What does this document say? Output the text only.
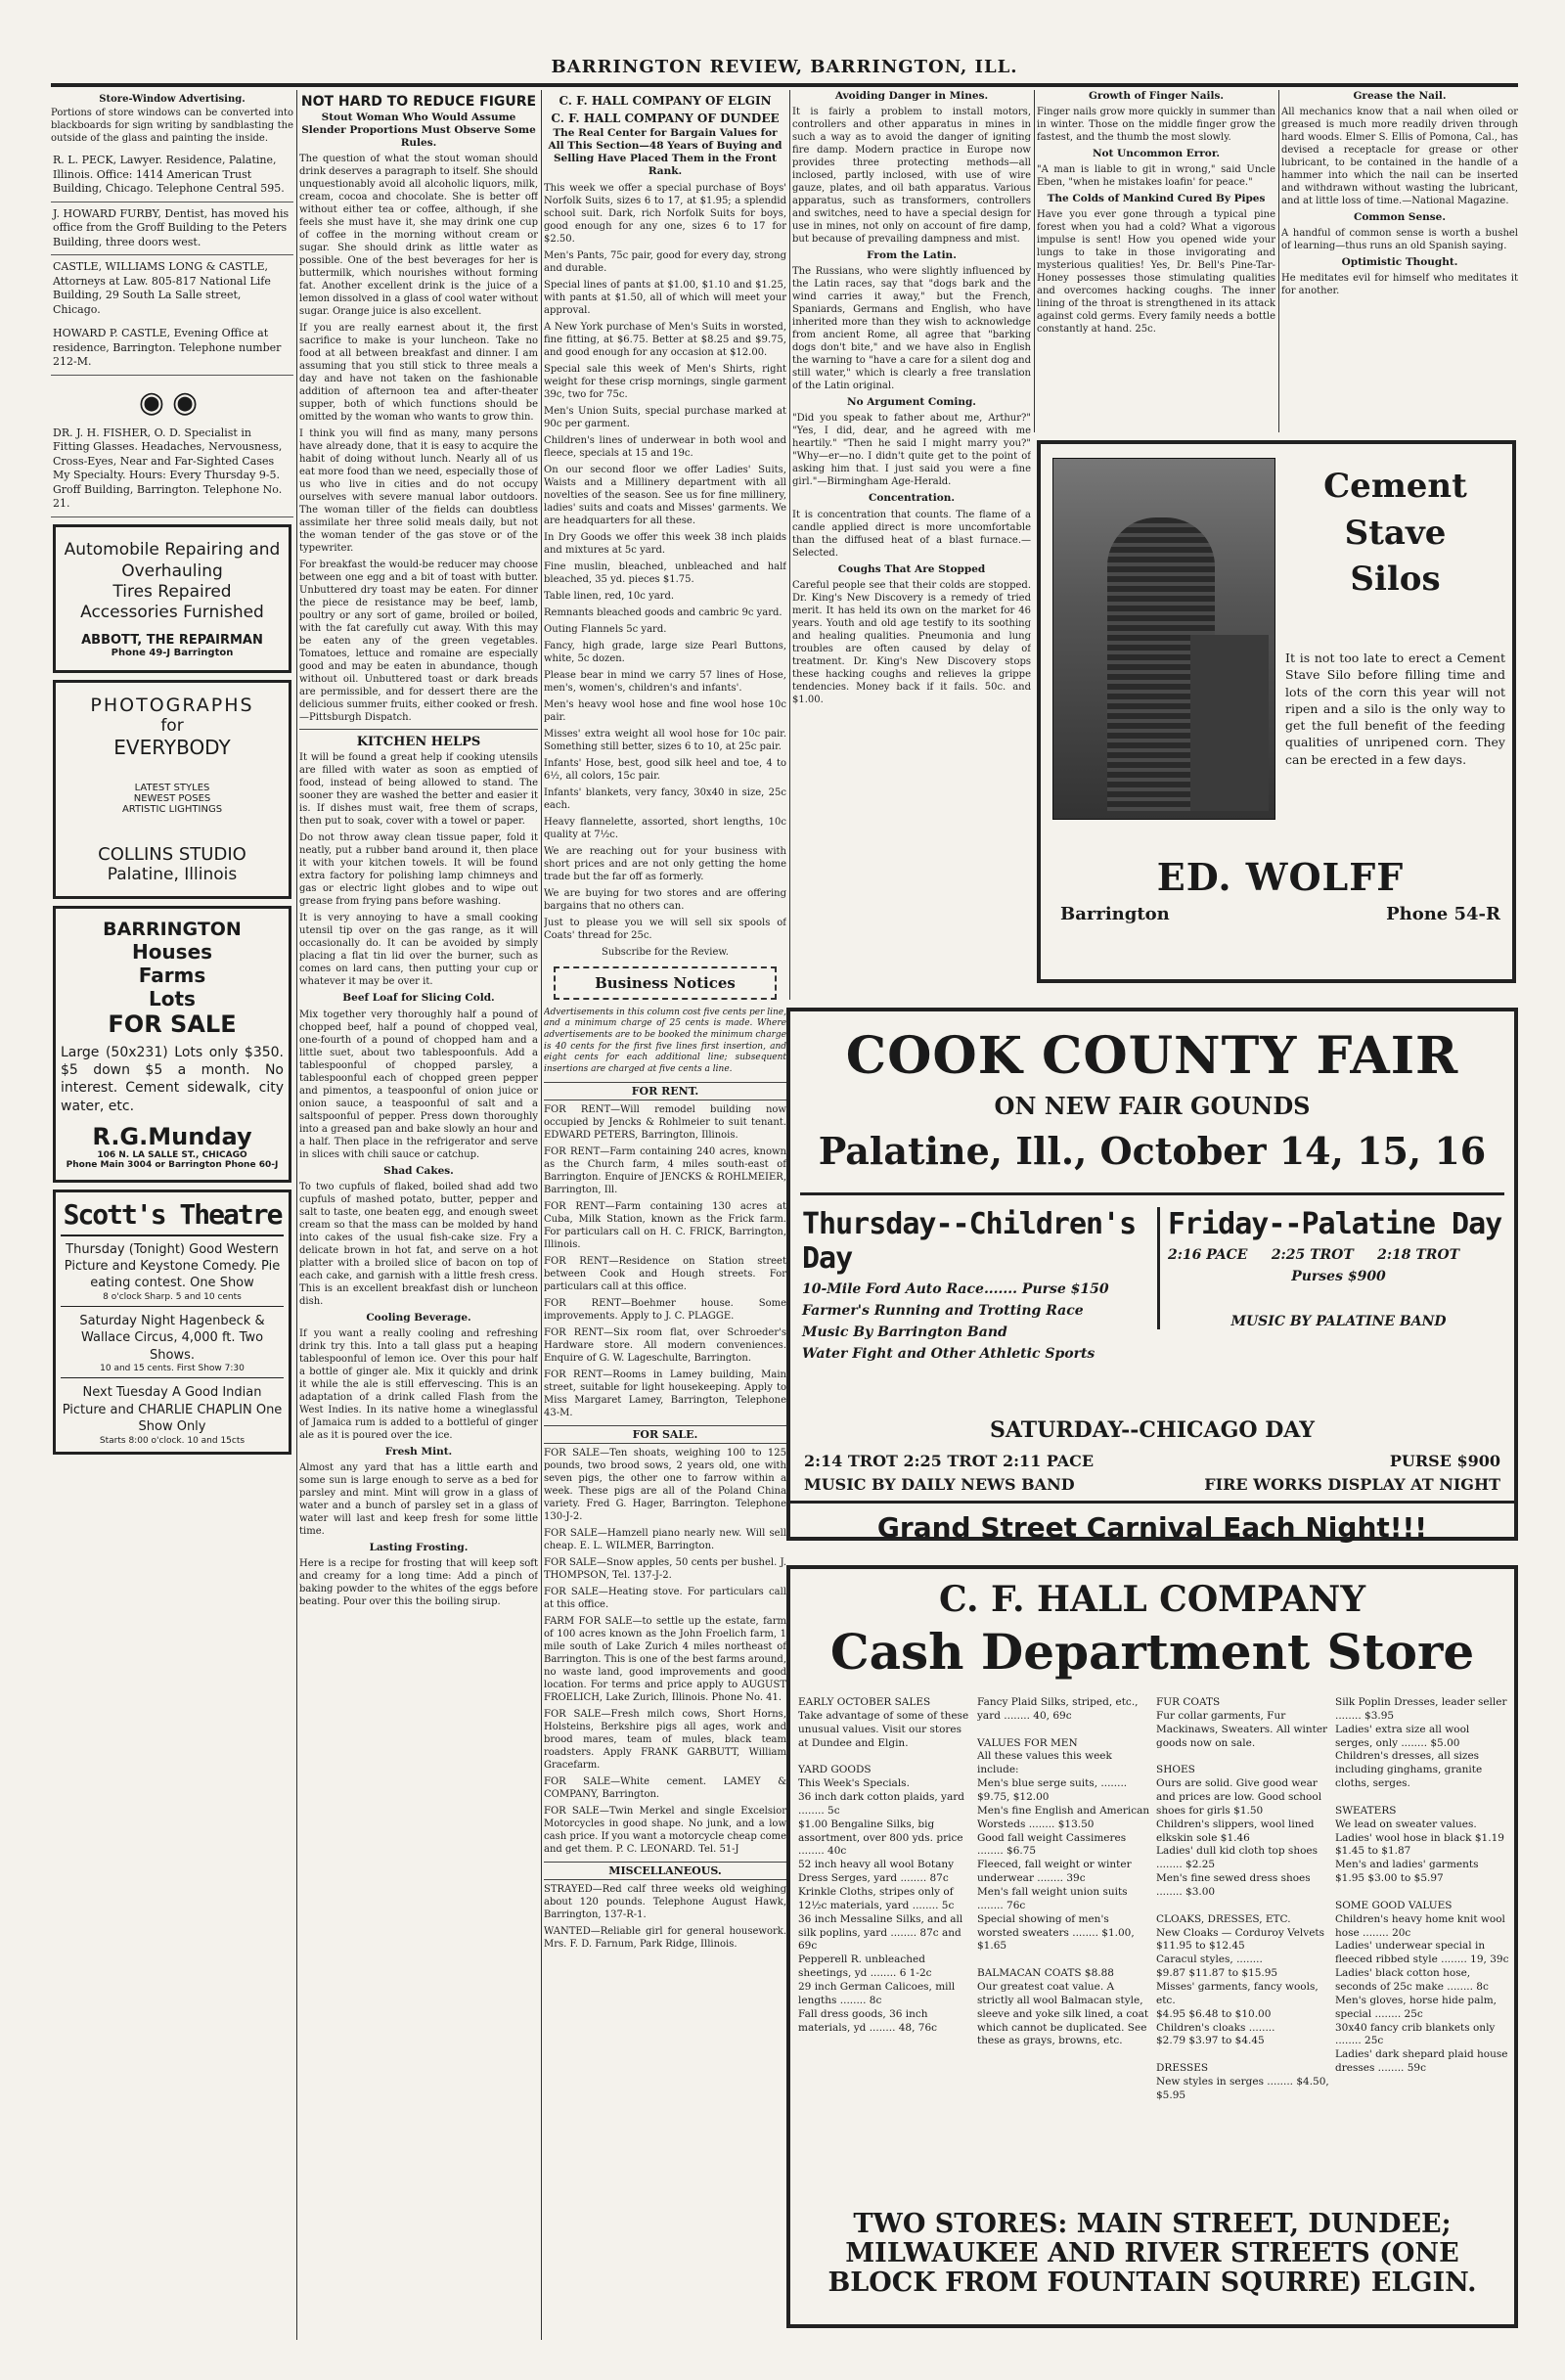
BARRINGTON REVIEW, BARRINGTON, ILL.
Store-Window Advertising.
Portions of store windows can be converted into blackboards for sign writing by sandblasting the outside of the glass and painting the inside.
R. L. PECK, Lawyer. Residence, Palatine, Illinois. Office: 1414 American Trust Building, Chicago. Telephone Central 595.
J. HOWARD FURBY, Dentist, has moved his office from the Groff Building to the Peters Building, three doors west.
CASTLE, WILLIAMS LONG & CASTLE, Attorneys at Law. 805-817 National Life Building, 29 South La Salle street, Chicago.
HOWARD P. CASTLE, Evening Office at residence, Barrington. Telephone number 212-M.
◉◉
DR. J. H. FISHER, O. D. Specialist in Fitting Glasses. Headaches, Nervousness, Cross-Eyes, Near and Far-Sighted Cases My Specialty. Hours: Every Thursday 9-5. Groff Building, Barrington. Telephone No. 21.
Automobile Repairing and Overhauling
Tires Repaired
Accessories Furnished
ABBOTT, THE REPAIRMAN
Phone 49-J Barrington
PHOTOGRAPHS
for
EVERYBODY
LATEST STYLES
NEWEST POSES
ARTISTIC LIGHTINGS
COLLINS STUDIO
Palatine, Illinois
BARRINGTON
Houses
Farms
Lots
FOR SALE
Large (50x231) Lots only $350. $5 down $5 a month. No interest. Cement sidewalk, city water, etc.
R.G.Munday
106 N. LA SALLE ST., CHICAGO
Phone Main 3004 or Barrington Phone 60-J
Scott's Theatre
Thursday (Tonight) Good Western Picture and Keystone Comedy. Pie eating contest. One Show
8 o'clock Sharp. 5 and 10 cents
Saturday Night Hagenbeck & Wallace Circus, 4,000 ft. Two Shows.
10 and 15 cents. First Show 7:30
Next Tuesday A Good Indian Picture and CHARLIE CHAPLIN One Show Only
Starts 8:00 o'clock. 10 and 15cts
NOT HARD TO REDUCE FIGURE
Stout Woman Who Would Assume Slender Proportions Must Observe Some Rules.
The question of what the stout woman should drink deserves a paragraph to itself. She should unquestionably avoid all alcoholic liquors, milk, cream, cocoa and chocolate. She is better off without either tea or coffee, although, if she feels she must have it, she may drink one cup of coffee in the morning without cream or sugar. She should drink as little water as possible. One of the best beverages for her is buttermilk, which nourishes without forming fat. Another excellent drink is the juice of a lemon dissolved in a glass of cool water without sugar. Orange juice is also excellent.
If you are really earnest about it, the first sacrifice to make is your luncheon. Take no food at all between breakfast and dinner. I am assuming that you still stick to three meals a day and have not taken on the fashionable addition of afternoon tea and after-theater supper, both of which functions should be omitted by the woman who wants to grow thin.
I think you will find as many, many persons have already done, that it is easy to acquire the habit of doing without lunch. Nearly all of us eat more food than we need, especially those of us who live in cities and do not occupy ourselves with severe manual labor outdoors. The woman tiller of the fields can doubtless assimilate her three solid meals daily, but not the woman tender of the gas stove or of the typewriter.
For breakfast the would-be reducer may choose between one egg and a bit of toast with butter. Unbuttered dry toast may be eaten. For dinner the piece de resistance may be beef, lamb, poultry or any sort of game, broiled or boiled, with the fat carefully cut away. With this may be eaten any of the green vegetables. Tomatoes, lettuce and romaine are especially good and may be eaten in abundance, though without oil. Unbuttered toast or dark breads are permissible, and for dessert there are the delicious summer fruits, either cooked or fresh. —Pittsburgh Dispatch.
KITCHEN HELPS
It will be found a great help if cooking utensils are filled with water as soon as emptied of food, instead of being allowed to stand. The sooner they are washed the better and easier it is. If dishes must wait, free them of scraps, then put to soak, cover with a towel or paper.
Do not throw away clean tissue paper, fold it neatly, put a rubber band around it, then place it with your kitchen towels. It will be found extra factory for polishing lamp chimneys and gas or electric light globes and to wipe out grease from frying pans before washing.
It is very annoying to have a small cooking utensil tip over on the gas range, as it will occasionally do. It can be avoided by simply placing a flat tin lid over the burner, such as comes on lard cans, then putting your cup or whatever it may be over it.
Beef Loaf for Slicing Cold.
Mix together very thoroughly half a pound of chopped beef, half a pound of chopped veal, one-fourth of a pound of chopped ham and a little suet, about two tablespoonfuls. Add a tablespoonful of chopped parsley, a tablespoonful each of chopped green pepper and pimentos, a teaspoonful of onion juice or onion sauce, a teaspoonful of salt and a saltspoonful of pepper. Press down thoroughly into a greased pan and bake slowly an hour and a half. Then place in the refrigerator and serve in slices with chili sauce or catchup.
Shad Cakes.
To two cupfuls of flaked, boiled shad add two cupfuls of mashed potato, butter, pepper and salt to taste, one beaten egg, and enough sweet cream so that the mass can be molded by hand into cakes of the usual fish-cake size. Fry a delicate brown in hot fat, and serve on a hot platter with a broiled slice of bacon on top of each cake, and garnish with a little fresh cress. This is an excellent breakfast dish or luncheon dish.
Cooling Beverage.
If you want a really cooling and refreshing drink try this. Into a tall glass put a heaping tablespoonful of lemon ice. Over this pour half a bottle of ginger ale. Mix it quickly and drink it while the ale is still effervescing. This is an adaptation of a drink called Flash from the West Indies. In its native home a wineglassful of Jamaica rum is added to a bottleful of ginger ale as it is poured over the ice.
Fresh Mint.
Almost any yard that has a little earth and some sun is large enough to serve as a bed for parsley and mint. Mint will grow in a glass of water and a bunch of parsley set in a glass of water will last and keep fresh for some little time.
Lasting Frosting.
Here is a recipe for frosting that will keep soft and creamy for a long time: Add a pinch of baking powder to the whites of the eggs before beating. Pour over this the boiling sirup.
C. F. HALL COMPANY OF ELGIN
C. F. HALL COMPANY OF DUNDEE
The Real Center for Bargain Values for All This Section—48 Years of Buying and Selling Have Placed Them in the Front Rank.
This week we offer a special purchase of Boys' Norfolk Suits, sizes 6 to 17, at $1.95; a splendid school suit. Dark, rich Norfolk Suits for boys, good enough for any one, sizes 6 to 17 for $2.50.
Men's Pants, 75c pair, good for every day, strong and durable.
Special lines of pants at $1.00, $1.10 and $1.25, with pants at $1.50, all of which will meet your approval.
A New York purchase of Men's Suits in worsted, fine fitting, at $6.75. Better at $8.25 and $9.75, and good enough for any occasion at $12.00.
Special sale this week of Men's Shirts, right weight for these crisp mornings, single garment 39c, two for 75c.
Men's Union Suits, special purchase marked at 90c per garment.
Children's lines of underwear in both wool and fleece, specials at 15 and 19c.
On our second floor we offer Ladies' Suits, Waists and a Millinery department with all novelties of the season. See us for fine millinery, ladies' suits and coats and Misses' garments. We are headquarters for all these.
In Dry Goods we offer this week 38 inch plaids and mixtures at 5c yard.
Fine muslin, bleached, unbleached and half bleached, 35 yd. pieces $1.75.
Table linen, red, 10c yard.
Remnants bleached goods and cambric 9c yard.
Outing Flannels 5c yard.
Fancy, high grade, large size Pearl Buttons, white, 5c dozen.
Please bear in mind we carry 57 lines of Hose, men's, women's, children's and infants'.
Men's heavy wool hose and fine wool hose 10c pair.
Misses' extra weight all wool hose for 10c pair. Something still better, sizes 6 to 10, at 25c pair.
Infants' Hose, best, good silk heel and toe, 4 to 6½, all colors, 15c pair.
Infants' blankets, very fancy, 30x40 in size, 25c each.
Heavy flannelette, assorted, short lengths, 10c quality at 7½c.
We are reaching out for your business with short prices and are not only getting the home trade but the far off as formerly.
We are buying for two stores and are offering bargains that no others can.
Just to please you we will sell six spools of Coats' thread for 25c.
Subscribe for the Review.
Business Notices
Advertisements in this column cost five cents per line, and a minimum charge of 25 cents is made. Where advertisements are to be booked the minimum charge is 40 cents for the first five lines first insertion, and eight cents for each additional line; subsequent insertions are charged at five cents a line.
FOR RENT.
FOR RENT—Will remodel building now occupied by Jencks & Rohlmeier to suit tenant. EDWARD PETERS, Barrington, Illinois.
FOR RENT—Farm containing 240 acres, known as the Church farm, 4 miles south-east of Barrington. Enquire of JENCKS & ROHLMEIER, Barrington, Ill.
FOR RENT—Farm containing 130 acres at Cuba, Milk Station, known as the Frick farm. For particulars call on H. C. FRICK, Barrington, Illinois.
FOR RENT—Residence on Station street between Cook and Hough streets. For particulars call at this office.
FOR RENT—Boehmer house. Some improvements. Apply to J. C. PLAGGE.
FOR RENT—Six room flat, over Schroeder's Hardware store. All modern conveniences. Enquire of G. W. Lageschulte, Barrington.
FOR RENT—Rooms in Lamey building, Main street, suitable for light housekeeping. Apply to Miss Margaret Lamey, Barrington, Telephone 43-M.
FOR SALE.
FOR SALE—Ten shoats, weighing 100 to 125 pounds, two brood sows, 2 years old, one with seven pigs, the other one to farrow within a week. These pigs are all of the Poland China variety. Fred G. Hager, Barrington. Telephone 130-J-2.
FOR SALE—Hamzell piano nearly new. Will sell cheap. E. L. WILMER, Barrington.
FOR SALE—Snow apples, 50 cents per bushel. J. THOMPSON, Tel. 137-J-2.
FOR SALE—Heating stove. For particulars call at this office.
FARM FOR SALE—to settle up the estate, farm of 100 acres known as the John Froelich farm, 1 mile south of Lake Zurich 4 miles northeast of Barrington. This is one of the best farms around, no waste land, good improvements and good location. For terms and price apply to AUGUST FROELICH, Lake Zurich, Illinois. Phone No. 41.
FOR SALE—Fresh milch cows, Short Horns, Holsteins, Berkshire pigs all ages, work and brood mares, team of mules, black team roadsters. Apply FRANK GARBUTT, William Gracefarm.
FOR SALE—White cement. LAMEY & COMPANY, Barrington.
FOR SALE—Twin Merkel and single Excelsior Motorcycles in good shape. No junk, and a low cash price. If you want a motorcycle cheap come and get them. P. C. LEONARD. Tel. 51-J
MISCELLANEOUS.
STRAYED—Red calf three weeks old weighing about 120 pounds. Telephone August Hawk, Barrington, 137-R-1.
WANTED—Reliable girl for general housework. Mrs. F. D. Farnum, Park Ridge, Illinois.
Avoiding Danger in Mines.
It is fairly a problem to install motors, controllers and other apparatus in mines in such a way as to avoid the danger of igniting fire damp. Modern practice in Europe now provides three protecting methods—all inclosed, partly inclosed, with use of wire gauze, plates, and oil bath apparatus. Various apparatus, such as transformers, controllers and switches, need to have a special design for use in mines, not only on account of fire damp, but because of prevailing dampness and mist.
From the Latin.
The Russians, who were slightly influenced by the Latin races, say that "dogs bark and the wind carries it away," but the French, Spaniards, Germans and English, who have inherited more than they wish to acknowledge from ancient Rome, all agree that "barking dogs don't bite," and we have also in English the warning to "have a care for a silent dog and still water," which is clearly a free translation of the Latin original.
No Argument Coming.
"Did you speak to father about me, Arthur?" "Yes, I did, dear, and he agreed with me heartily." "Then he said I might marry you?" "Why—er—no. I didn't quite get to the point of asking him that. I just said you were a fine girl."—Birmingham Age-Herald.
Concentration.
It is concentration that counts. The flame of a candle applied direct is more uncomfortable than the diffused heat of a blast furnace.—Selected.
Coughs That Are Stopped
Careful people see that their colds are stopped. Dr. King's New Discovery is a remedy of tried merit. It has held its own on the market for 46 years. Youth and old age testify to its soothing and healing qualities. Pneumonia and lung troubles are often caused by delay of treatment. Dr. King's New Discovery stops these hacking coughs and relieves la grippe tendencies. Money back if it fails. 50c. and $1.00.
Growth of Finger Nails.
Finger nails grow more quickly in summer than in winter. Those on the middle finger grow the fastest, and the thumb the most slowly.
Not Uncommon Error.
"A man is liable to git in wrong," said Uncle Eben, "when he mistakes loafin' for peace."
The Colds of Mankind Cured By Pipes
Have you ever gone through a typical pine forest when you had a cold? What a vigorous impulse is sent! How you opened wide your lungs to take in those invigorating and mysterious qualities! Yes, Dr. Bell's Pine-Tar-Honey possesses those stimulating qualities and overcomes hacking coughs. The inner lining of the throat is strengthened in its attack against cold germs. Every family needs a bottle constantly at hand. 25c.
Grease the Nail.
All mechanics know that a nail when oiled or greased is much more readily driven through hard woods. Elmer S. Ellis of Pomona, Cal., has devised a receptacle for grease or other lubricant, to be contained in the handle of a hammer into which the nail can be inserted and withdrawn without wasting the lubricant, and at little loss of time.—National Magazine.
Common Sense.
A handful of common sense is worth a bushel of learning—thus runs an old Spanish saying.
Optimistic Thought.
He meditates evil for himself who meditates it for another.
Cement
Stave
Silos
It is not too late to erect a Cement Stave Silo before filling time and lots of the corn this year will not ripen and a silo is the only way to get the full benefit of the feeding qualities of unripened corn. They can be erected in a few days.
ED. WOLFF
Barrington	Phone 54-R
COOK COUNTY FAIR
ON NEW FAIR GOUNDS
Palatine, Ill., October 14, 15, 16
Thursday--Children's Day
10-Mile Ford Auto Race....... Purse $150
Farmer's Running and Trotting Race
Music By Barrington Band
Water Fight and Other Athletic Sports
Friday--Palatine Day
2:16 PACE     2:25 TROT     2:18 TROT
Purses $900
MUSIC BY PALATINE BAND
SATURDAY--CHICAGO DAY
2:14 TROT 2:25 TROT 2:11 PACE	PURSE $900
MUSIC BY DAILY NEWS BAND	FIRE WORKS DISPLAY AT NIGHT
Grand Street Carnival Each Night!!!
C. F. HALL COMPANY
Cash Department Store
EARLY OCTOBER SALES
Take advantage of some of these unusual values. Visit our stores at Dundee and Elgin.

YARD GOODS
This Week's Specials.
36 inch dark cotton plaids, yard ........ 5c
$1.00 Bengaline Silks, big assortment, over 800 yds. price ........ 40c
52 inch heavy all wool Botany Dress Serges, yard ........ 87c
Krinkle Cloths, stripes only of 12½c materials, yard ........ 5c
36 inch Messaline Silks, and all silk poplins, yard ........ 87c and 69c
Pepperell R. unbleached sheetings, yd ........ 6 1-2c
29 inch German Calicoes, mill lengths ........ 8c
Fall dress goods, 36 inch materials, yd ........ 48, 76c
Fancy Plaid Silks, striped, etc., yard ........ 40, 69c

VALUES FOR MEN
All these values this week include:
Men's blue serge suits, ........ $9.75, $12.00
Men's fine English and American Worsteds ........ $13.50
Good fall weight Cassimeres ........ $6.75
Fleeced, fall weight or winter underwear ........ 39c
Men's fall weight union suits ........ 76c
Special showing of men's worsted sweaters ........ $1.00, $1.65

BALMACAN COATS $8.88
Our greatest coat value. A strictly all wool Balmacan style, sleeve and yoke silk lined, a coat which cannot be duplicated. See these as grays, browns, etc.
FUR COATS
Fur collar garments, Fur Mackinaws, Sweaters. All winter goods now on sale.

SHOES
Ours are solid. Give good wear and prices are low. Good school shoes for girls $1.50
Children's slippers, wool lined elkskin sole $1.46
Ladies' dull kid cloth top shoes ........ $2.25
Men's fine sewed dress shoes ........ $3.00

CLOAKS, DRESSES, ETC.
New Cloaks — Corduroy Velvets $11.95 to $12.45
Caracul styles, ........
$9.87 $11.87 to $15.95
Misses' garments, fancy wools, etc.
$4.95 $6.48 to $10.00
Children's cloaks ........
$2.79 $3.97 to $4.45

DRESSES
New styles in serges ........ $4.50, $5.95
Silk Poplin Dresses, leader seller ........ $3.95
Ladies' extra size all wool serges, only ........ $5.00
Children's dresses, all sizes including ginghams, granite cloths, serges.

SWEATERS
We lead on sweater values. Ladies' wool hose in black $1.19 $1.45 to $1.87
Men's and ladies' garments $1.95 $3.00 to $5.97

SOME GOOD VALUES
Children's heavy home knit wool hose ........ 20c
Ladies' underwear special in fleeced ribbed style ........ 19, 39c
Ladies' black cotton hose, seconds of 25c make ........ 8c
Men's gloves, horse hide palm, special ........ 25c
30x40 fancy crib blankets only ........ 25c
Ladies' dark shepard plaid house dresses ........ 59c
TWO STORES: MAIN STREET, DUNDEE; MILWAUKEE AND RIVER STREETS (ONE BLOCK FROM FOUNTAIN SQURRE) ELGIN.
